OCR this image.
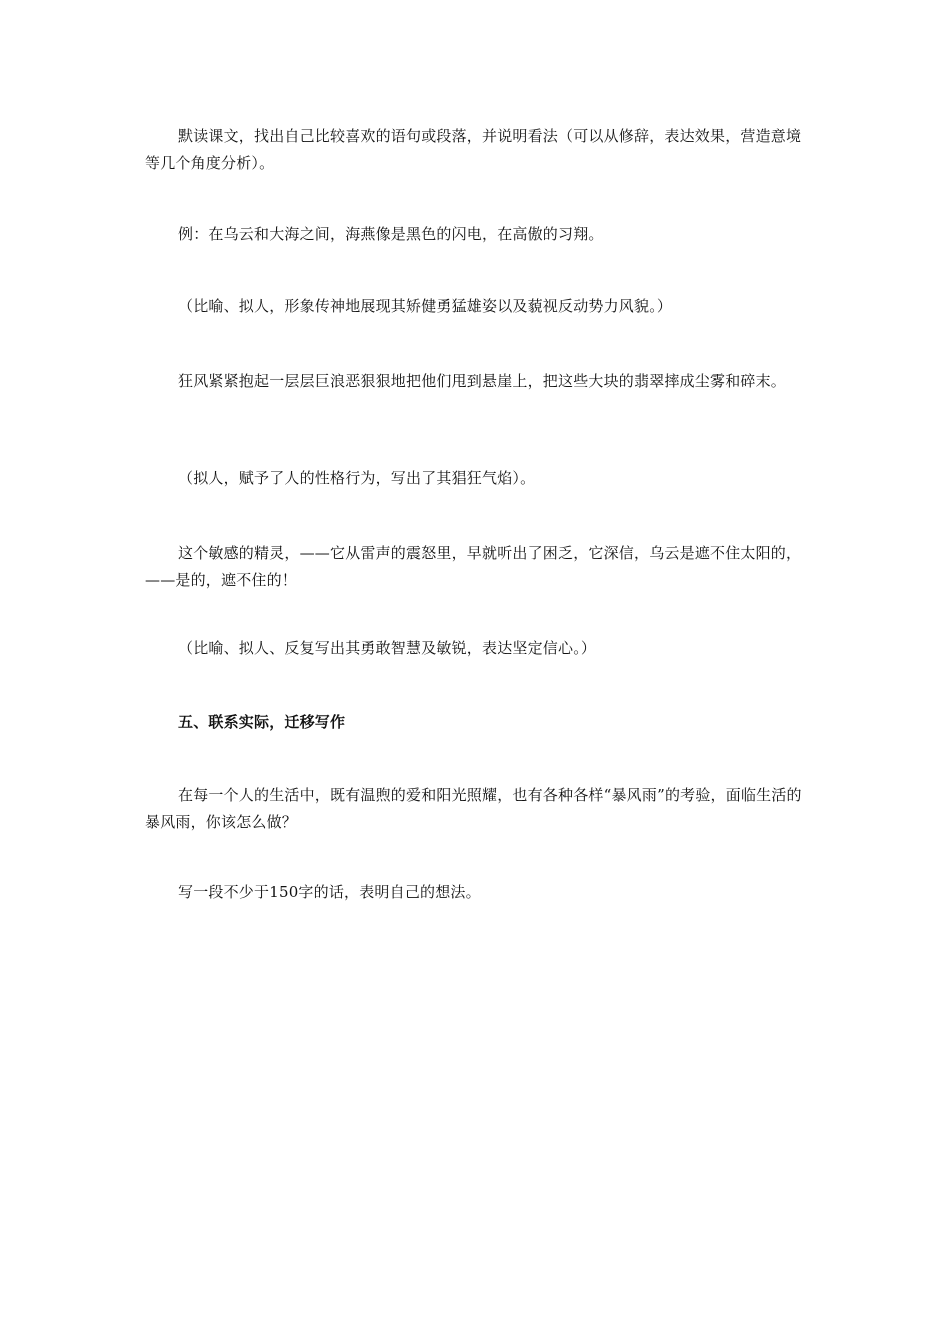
默读课文，找出自己比较喜欢的语句或段落，并说明看法（可以从修辞，表达效果，营造意境等几个角度分析）。

例：在乌云和大海之间，海燕像是黑色的闪电，在高傲的习翔。

（比喻、拟人，形象传神地展现其矫健勇猛雄姿以及藐视反动势力风貌。）

狂风紧紧抱起一层层巨浪恶狠狠地把他们甩到悬崖上，把这些大块的翡翠摔成尘雾和碎末。

（拟人，赋予了人的性格行为，写出了其猖狂气焰）。

这个敏感的精灵，——它从雷声的震怒里，早就听出了困乏，它深信，乌云是遮不住太阳的，——是的，遮不住的！

（比喻、拟人、反复写出其勇敢智慧及敏锐，表达坚定信心。）

五、联系实际，迁移写作

在每一个人的生活中，既有温煦的爱和阳光照耀，也有各种各样“暴风雨”的考验，面临生活的暴风雨，你该怎么做？

写一段不少于150字的话，表明自己的想法。
